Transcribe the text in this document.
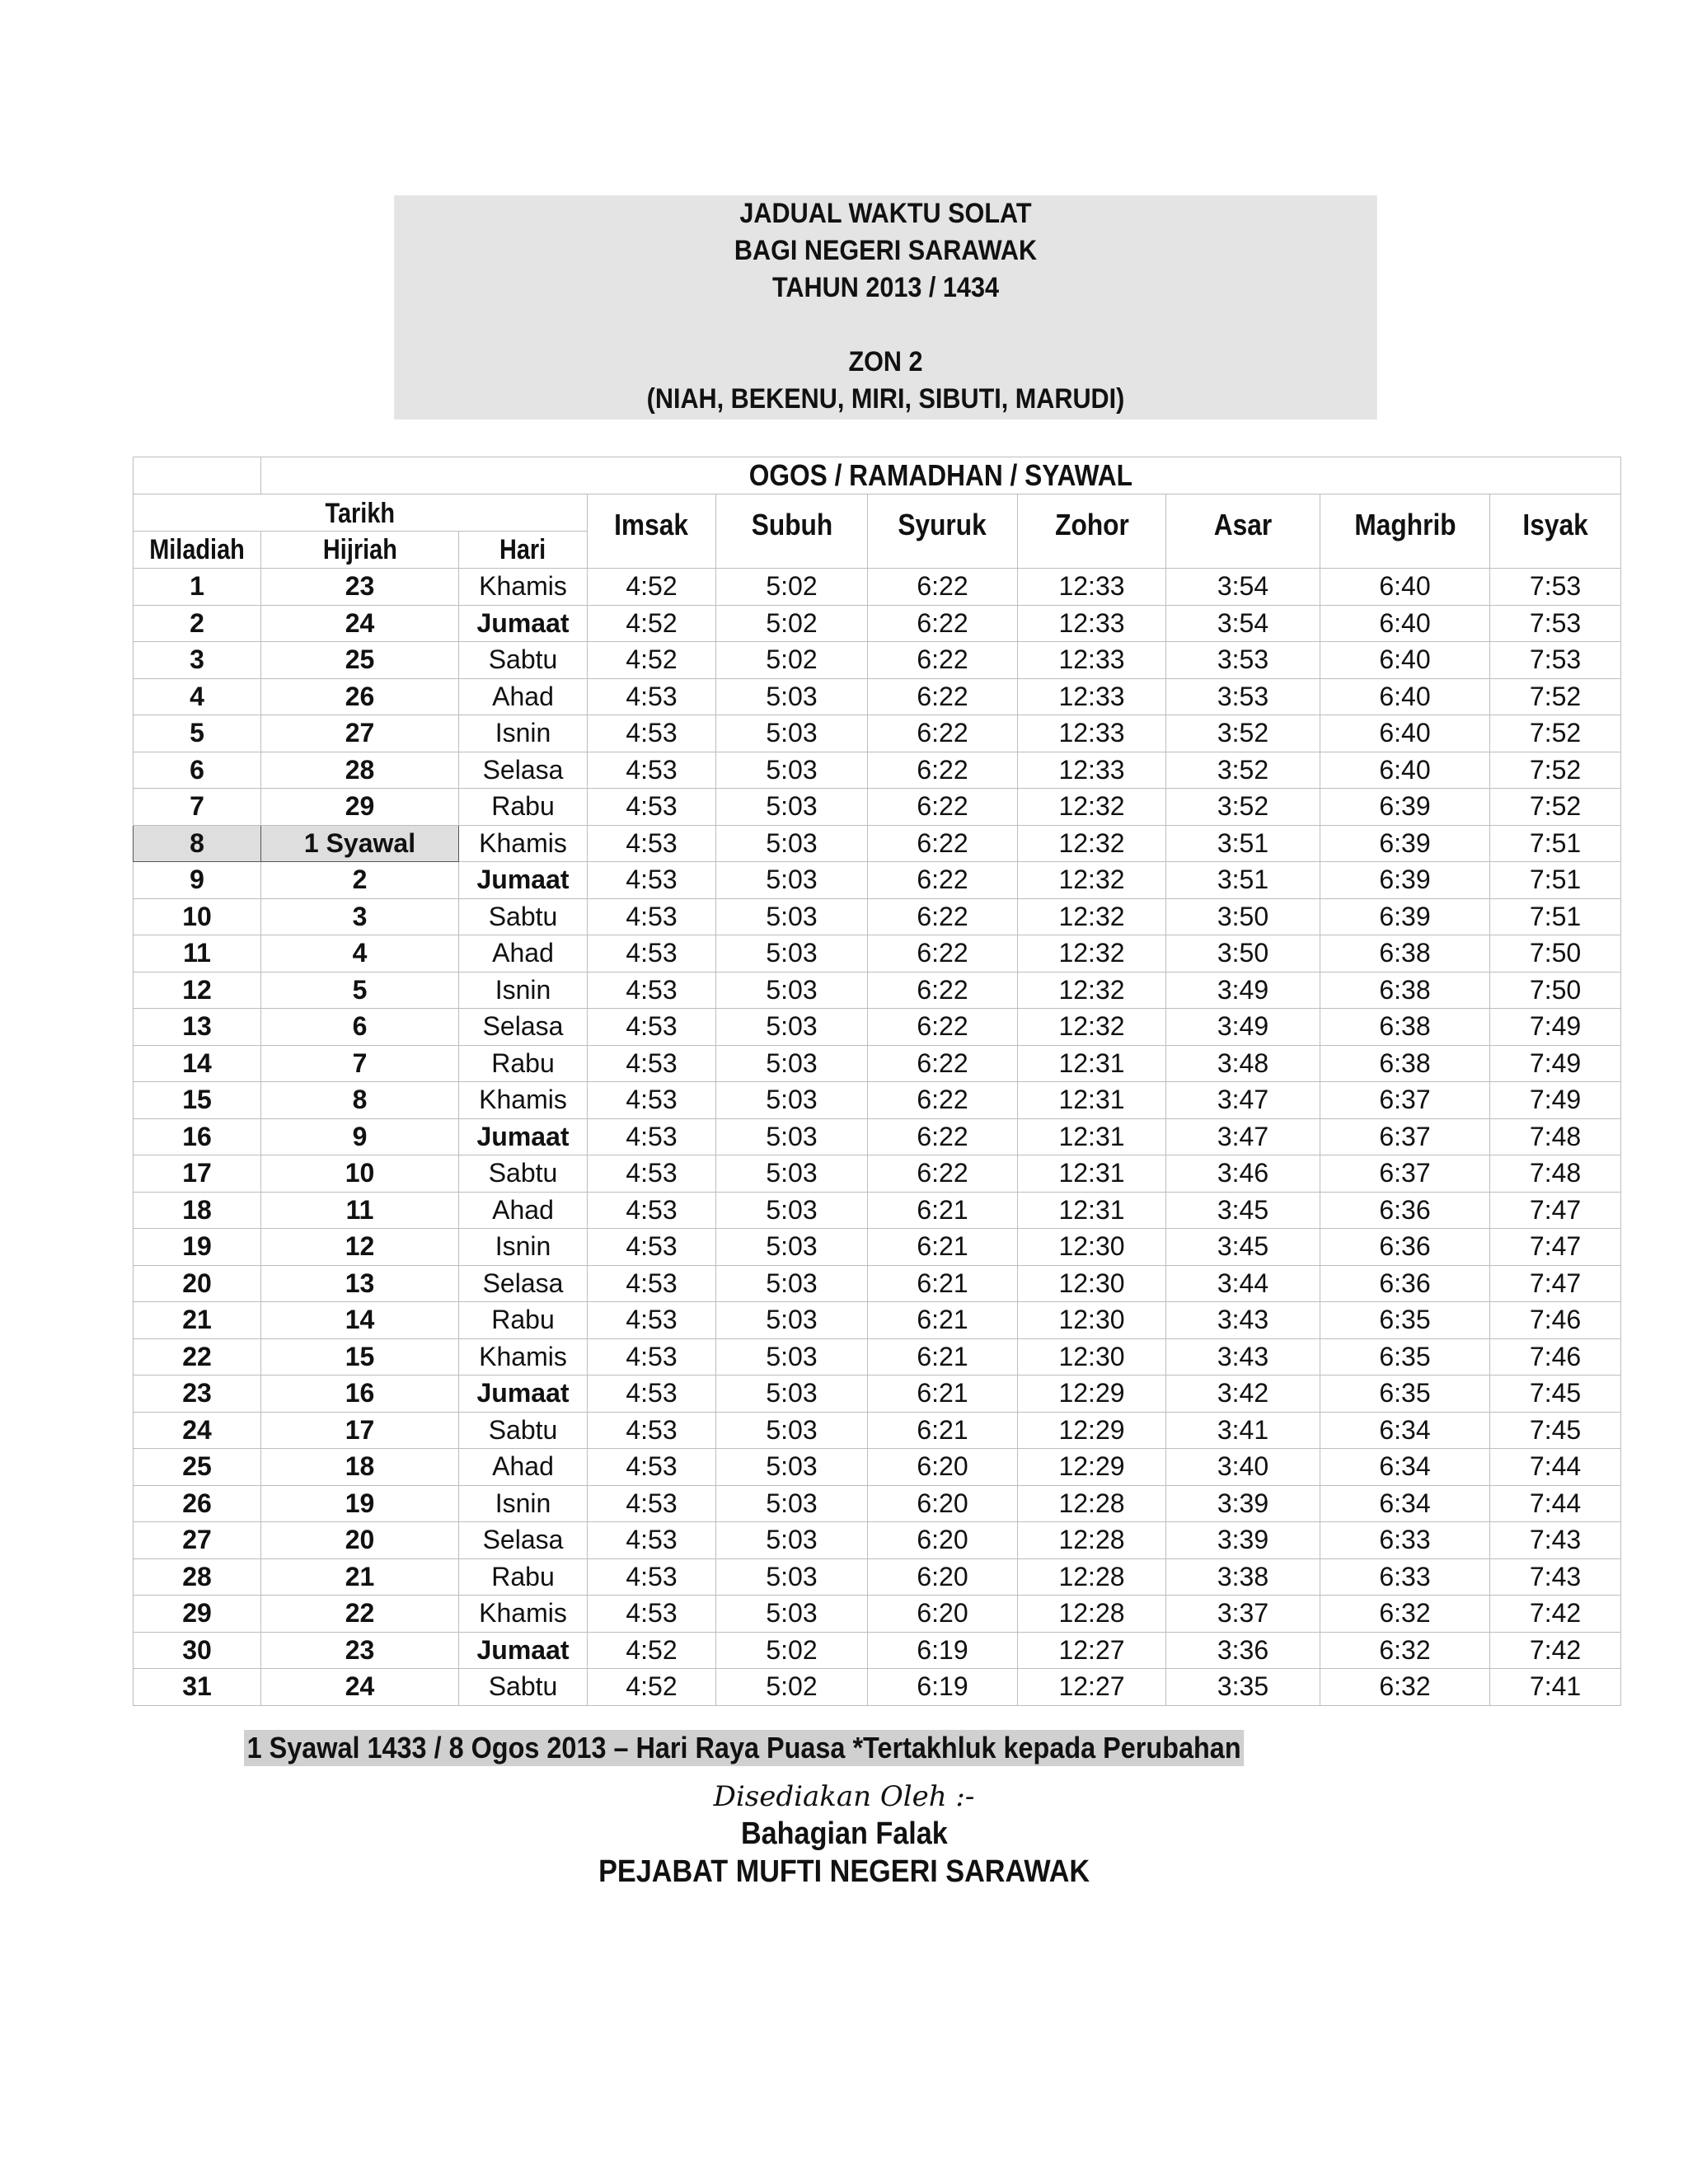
JADUAL WAKTU SOLAT
BAGI NEGERI SARAWAK
TAHUN 2013 / 1434
ZON 2
(NIAH, BEKENU, MIRI, SIBUTI, MARUDI)
	OGOS / RAMADHAN / SYAWAL								
Tarikh			Imsak	Subuh	Syuruk	Zohor	Asar	Maghrib	Isyak
Miladiah	Hijriah	Hari							
1	23	Khamis	4:52	5:02	6:22	12:33	3:54	6:40	7:53
2	24	Jumaat	4:52	5:02	6:22	12:33	3:54	6:40	7:53
3	25	Sabtu	4:52	5:02	6:22	12:33	3:53	6:40	7:53
4	26	Ahad	4:53	5:03	6:22	12:33	3:53	6:40	7:52
5	27	Isnin	4:53	5:03	6:22	12:33	3:52	6:40	7:52
6	28	Selasa	4:53	5:03	6:22	12:33	3:52	6:40	7:52
7	29	Rabu	4:53	5:03	6:22	12:32	3:52	6:39	7:52
8	1 Syawal	Khamis	4:53	5:03	6:22	12:32	3:51	6:39	7:51
9	2	Jumaat	4:53	5:03	6:22	12:32	3:51	6:39	7:51
10	3	Sabtu	4:53	5:03	6:22	12:32	3:50	6:39	7:51
11	4	Ahad	4:53	5:03	6:22	12:32	3:50	6:38	7:50
12	5	Isnin	4:53	5:03	6:22	12:32	3:49	6:38	7:50
13	6	Selasa	4:53	5:03	6:22	12:32	3:49	6:38	7:49
14	7	Rabu	4:53	5:03	6:22	12:31	3:48	6:38	7:49
15	8	Khamis	4:53	5:03	6:22	12:31	3:47	6:37	7:49
16	9	Jumaat	4:53	5:03	6:22	12:31	3:47	6:37	7:48
17	10	Sabtu	4:53	5:03	6:22	12:31	3:46	6:37	7:48
18	11	Ahad	4:53	5:03	6:21	12:31	3:45	6:36	7:47
19	12	Isnin	4:53	5:03	6:21	12:30	3:45	6:36	7:47
20	13	Selasa	4:53	5:03	6:21	12:30	3:44	6:36	7:47
21	14	Rabu	4:53	5:03	6:21	12:30	3:43	6:35	7:46
22	15	Khamis	4:53	5:03	6:21	12:30	3:43	6:35	7:46
23	16	Jumaat	4:53	5:03	6:21	12:29	3:42	6:35	7:45
24	17	Sabtu	4:53	5:03	6:21	12:29	3:41	6:34	7:45
25	18	Ahad	4:53	5:03	6:20	12:29	3:40	6:34	7:44
26	19	Isnin	4:53	5:03	6:20	12:28	3:39	6:34	7:44
27	20	Selasa	4:53	5:03	6:20	12:28	3:39	6:33	7:43
28	21	Rabu	4:53	5:03	6:20	12:28	3:38	6:33	7:43
29	22	Khamis	4:53	5:03	6:20	12:28	3:37	6:32	7:42
30	23	Jumaat	4:52	5:02	6:19	12:27	3:36	6:32	7:42
31	24	Sabtu	4:52	5:02	6:19	12:27	3:35	6:32	7:41
1 Syawal 1433 / 8 Ogos 2013 – Hari Raya Puasa *Tertakhluk kepada Perubahan
Disediakan Oleh :-
Bahagian Falak
PEJABAT MUFTI NEGERI SARAWAK
